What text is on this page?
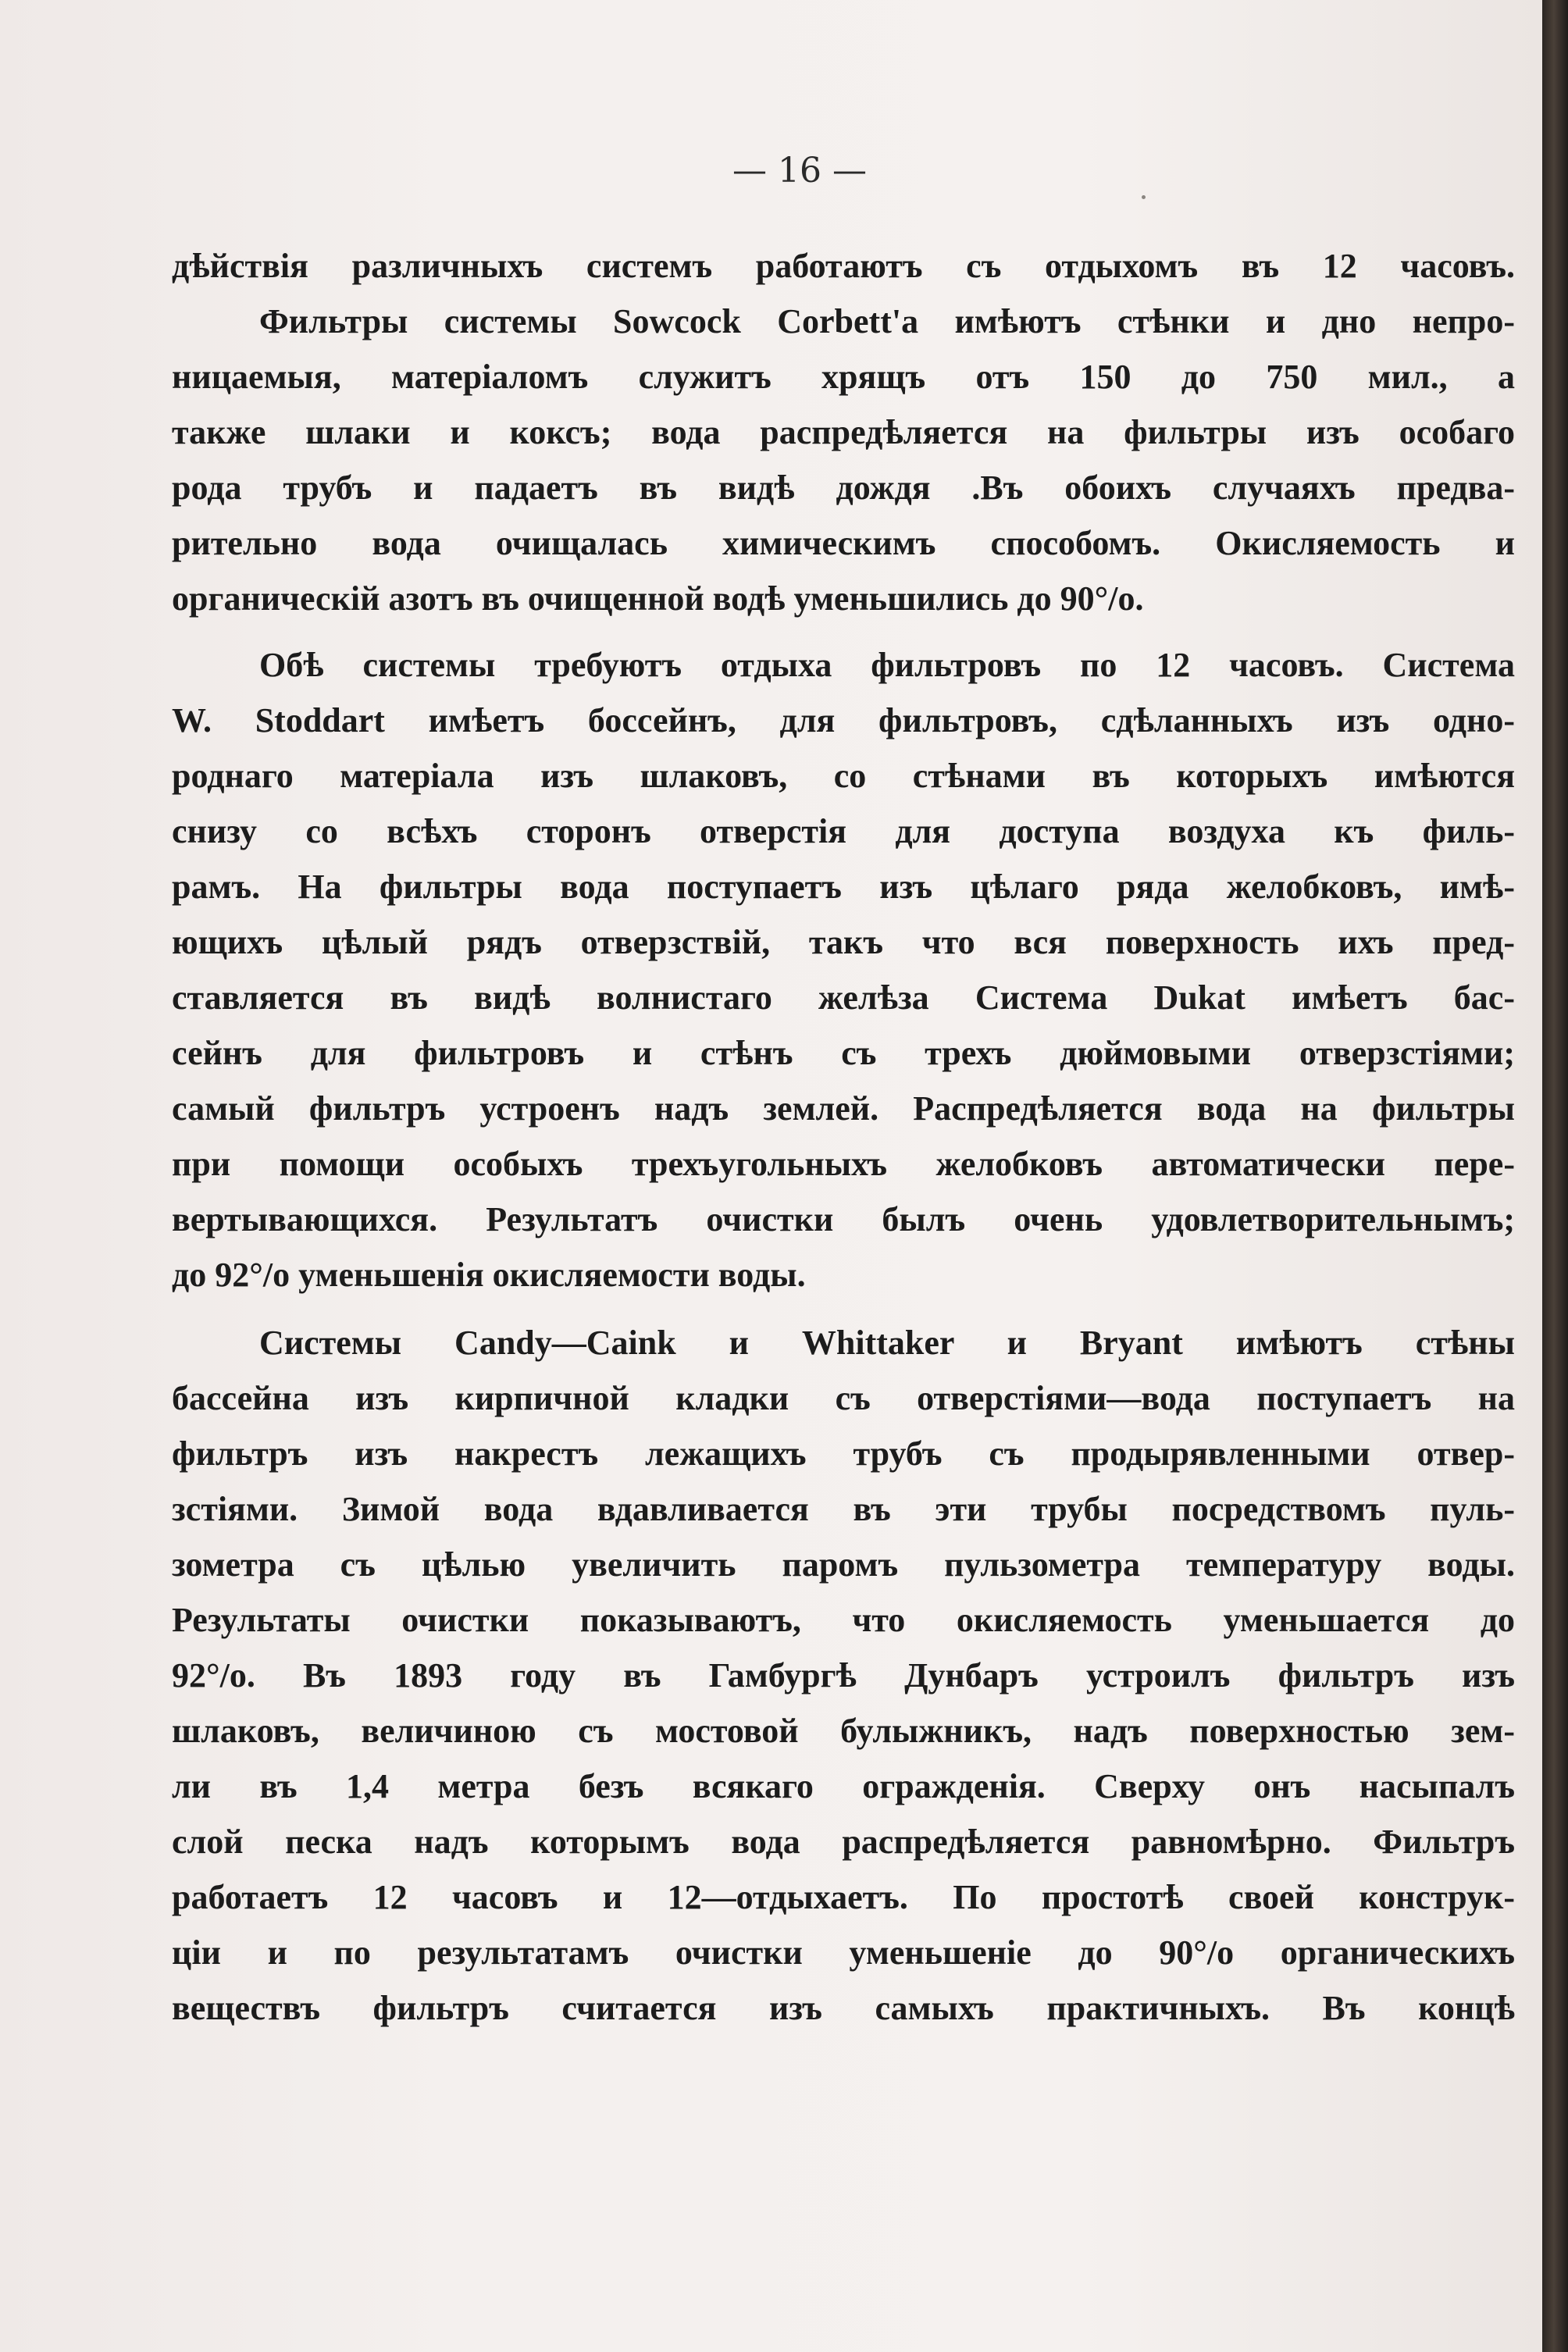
— 16 —
дѣйствія различныхъ системъ работаютъ съ отдыхомъ въ 12 часовъ.
Фильтры системы Sowcock Corbett'a имѣютъ стѣнки и дно непро-
ницаемыя, матеріаломъ служитъ хрящъ отъ 150 до 750 мил., а
также шлаки и коксъ; вода распредѣляется на фильтры изъ особаго
рода трубъ и падаетъ въ видѣ дождя .Въ обоихъ случаяхъ предва-
рительно вода очищалась химическимъ способомъ. Окисляемость и
органическій азотъ въ очищенной водѣ уменьшились до 90°/о.
Обѣ системы требуютъ отдыха фильтровъ по 12 часовъ. Система
W. Stoddart имѣетъ боссейнъ, для фильтровъ, сдѣланныхъ изъ одно-
роднаго матеріала изъ шлаковъ, со стѣнами въ которыхъ имѣются
снизу со всѣхъ сторонъ отверстія для доступа воздуха къ филь-
рамъ. На фильтры вода поступаетъ изъ цѣлаго ряда желобковъ, имѣ-
ющихъ цѣлый рядъ отверзствій, такъ что вся поверхность ихъ пред-
ставляется въ видѣ волнистаго желѣза Система Dukat имѣетъ бас-
сейнъ для фильтровъ и стѣнъ съ трехъ дюймовыми отверзстіями;
самый фильтръ устроенъ надъ землей. Распредѣляется вода на фильтры
при помощи особыхъ трехъугольныхъ желобковъ автоматически пере-
вертывающихся. Результатъ очистки былъ очень удовлетворительнымъ;
до 92°/о уменьшенія окисляемости воды.
Системы Candy—Caink и Whittaker и Bryant имѣютъ стѣны
бассейна изъ кирпичной кладки съ отверстіями—вода поступаетъ на
фильтръ изъ накрестъ лежащихъ трубъ съ продырявленными отвер-
зстіями. Зимой вода вдавливается въ эти трубы посредствомъ пуль-
зометра съ цѣлью увеличить паромъ пульзометра температуру воды.
Результаты очистки показываютъ, что окисляемость уменьшается до
92°/о. Въ 1893 году въ Гамбургѣ Дунбаръ устроилъ фильтръ изъ
шлаковъ, величиною съ мостовой булыжникъ, надъ поверхностью зем-
ли въ 1,4 метра безъ всякаго огражденія. Сверху онъ насыпалъ
слой песка надъ которымъ вода распредѣляется равномѣрно. Фильтръ
работаетъ 12 часовъ и 12—отдыхаетъ. По простотѣ своей конструк-
ціи и по результатамъ очистки уменьшеніе до 90°/о органическихъ
веществъ фильтръ считается изъ самыхъ практичныхъ. Въ концѣ
